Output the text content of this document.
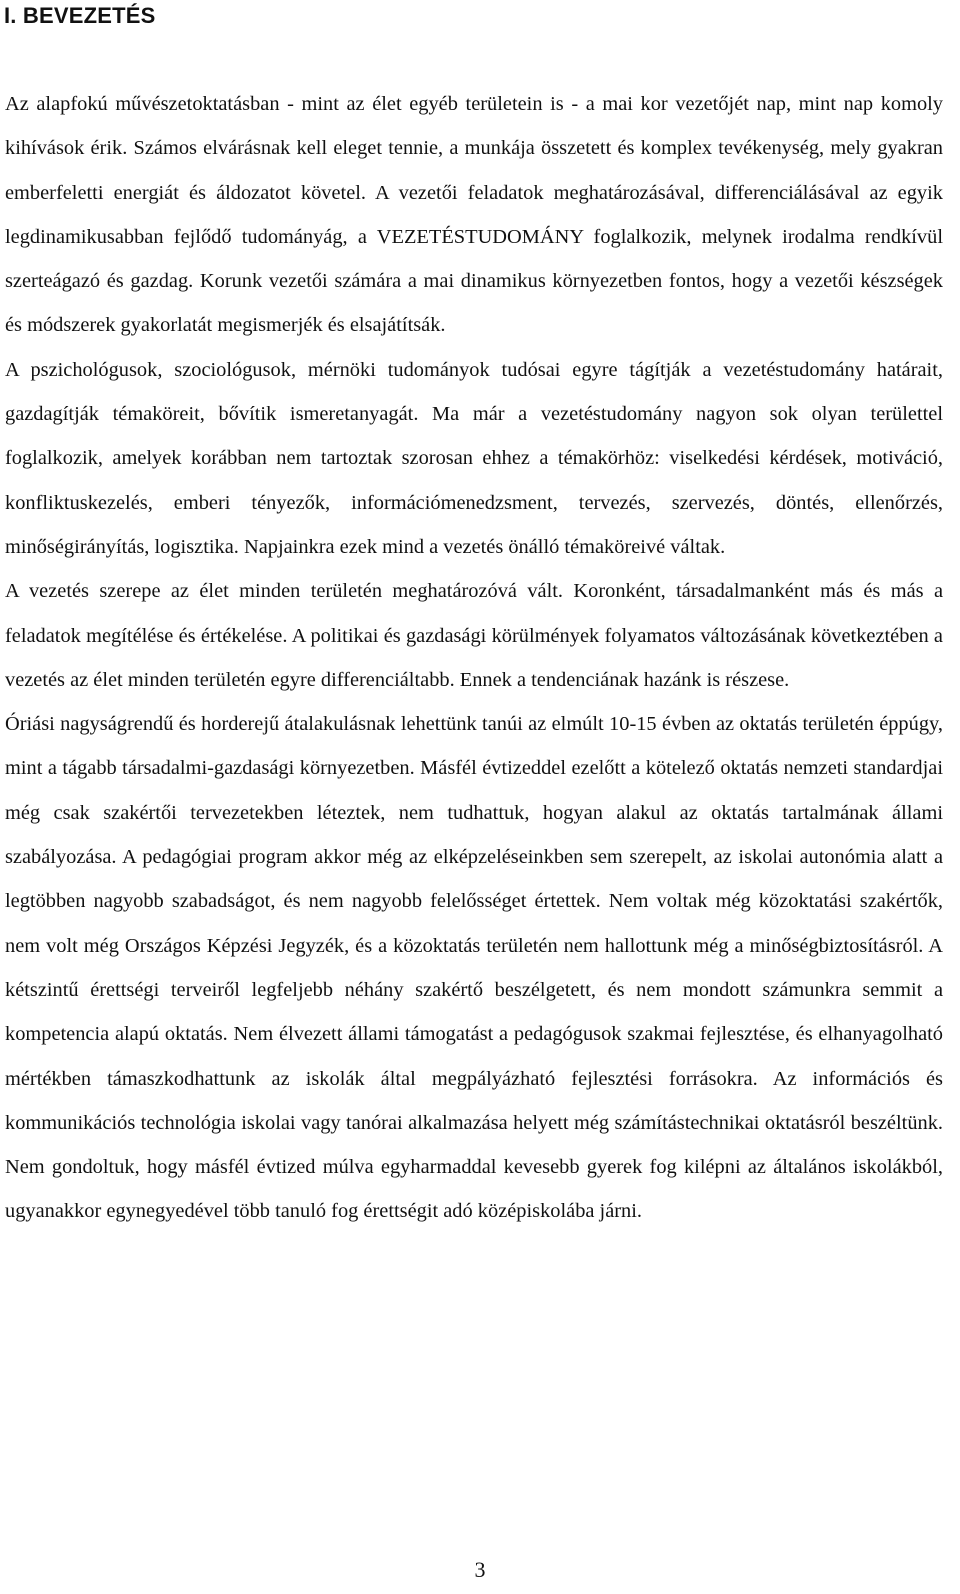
I. BEVEZETÉS

Az alapfokú művészetoktatásban - mint az élet egyéb területein is - a mai kor vezetőjét nap, mint nap komoly kihívások érik. Számos elvárásnak kell eleget tennie, a munkája összetett és komplex tevékenység, mely gyakran emberfeletti energiát és áldozatot követel. A vezetői feladatok meghatározásával, differenciálásával az egyik legdinamikusabban fejlődő tudományág, a VEZETÉSTUDOMÁNY foglalkozik, melynek irodalma rendkívül szerteágazó és gazdag. Korunk vezetői számára a mai dinamikus környezetben fontos, hogy a vezetői készségek és módszerek gyakorlatát megismerjék és elsajátítsák.

A pszichológusok, szociológusok, mérnöki tudományok tudósai egyre tágítják a vezetéstudomány határait, gazdagítják témaköreit, bővítik ismeretanyagát. Ma már a vezetéstudomány nagyon sok olyan területtel foglalkozik, amelyek korábban nem tartoztak szorosan ehhez a témakörhöz: viselkedési kérdések, motiváció, konfliktuskezelés, emberi tényezők, információmenedzsment, tervezés, szervezés, döntés, ellenőrzés, minőségirányítás, logisztika. Napjainkra ezek mind a vezetés önálló témaköreivé váltak.

A vezetés szerepe az élet minden területén meghatározóvá vált. Koronként, társadalmanként más és más a feladatok megítélése és értékelése. A politikai és gazdasági körülmények folyamatos változásának következtében a vezetés az élet minden területén egyre differenciáltabb. Ennek a tendenciának hazánk is részese.

Óriási nagyságrendű és horderejű átalakulásnak lehettünk tanúi az elmúlt 10-15 évben az oktatás területén éppúgy, mint a tágabb társadalmi-gazdasági környezetben. Másfél évtizeddel ezelőtt a kötelező oktatás nemzeti standardjai még csak szakértői tervezetekben léteztek, nem tudhattuk, hogyan alakul az oktatás tartalmának állami szabályozása. A pedagógiai program akkor még az elképzeléseinkben sem szerepelt, az iskolai autonómia alatt a legtöbben nagyobb szabadságot, és nem nagyobb felelősséget értettek. Nem voltak még közoktatási szakértők, nem volt még Országos Képzési Jegyzék, és a közoktatás területén nem hallottunk még a minőségbiztosításról. A kétszintű érettségi terveiről legfeljebb néhány szakértő beszélgetett, és nem mondott számunkra semmit a kompetencia alapú oktatás. Nem élvezett állami támogatást a pedagógusok szakmai fejlesztése, és elhanyagolható mértékben támaszkodhattunk az iskolák által megpályázható fejlesztési forrásokra. Az információs és kommunikációs technológia iskolai vagy tanórai alkalmazása helyett még számítástechnikai oktatásról beszéltünk. Nem gondoltuk, hogy másfél évtized múlva egyharmaddal kevesebb gyerek fog kilépni az általános iskolákból, ugyanakkor egynegyedével több tanuló fog érettségit adó középiskolába járni.

3
